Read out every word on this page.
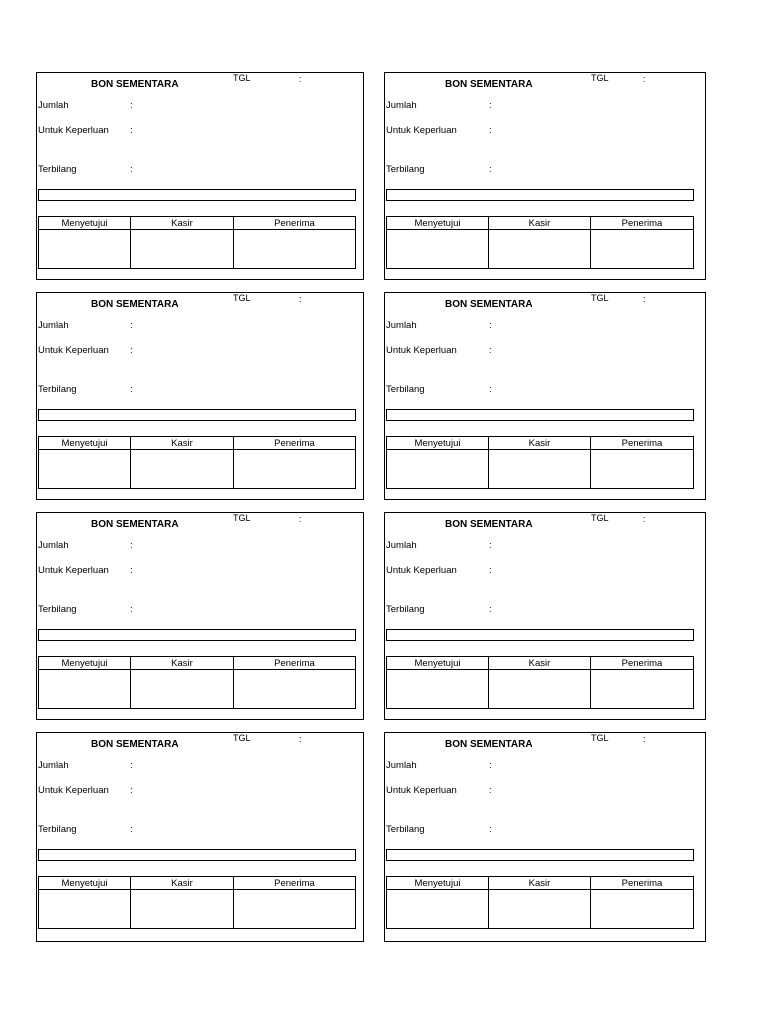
BON SEMENTARA
TGL	:
Jumlah	:
Untuk Keperluan :
Terbilang	:
Menyetujui	Kasir	Penerima

BON SEMENTARA
TGL	:
Jumlah	:
Untuk Keperluan	:
Terbilang	:
Menyetujui	Kasir	Penerima

BON SEMENTARA
TGL	:
Jumlah	:
Untuk Keperluan :
Terbilang	:
Menyetujui	Kasir	Penerima

BON SEMENTARA
TGL	:
Jumlah	:
Untuk Keperluan	:
Terbilang	:
Menyetujui	Kasir	Penerima

BON SEMENTARA
TGL	:
Jumlah	:
Untuk Keperluan :
Terbilang	:
Menyetujui	Kasir	Penerima

BON SEMENTARA
TGL	:
Jumlah	:
Untuk Keperluan	:
Terbilang	:
Menyetujui	Kasir	Penerima

BON SEMENTARA
TGL	:
Jumlah	:
Untuk Keperluan :
Terbilang	:
Menyetujui	Kasir	Penerima

BON SEMENTARA
TGL	:
Jumlah	:
Untuk Keperluan	:
Terbilang	:
Menyetujui	Kasir	Penerima
